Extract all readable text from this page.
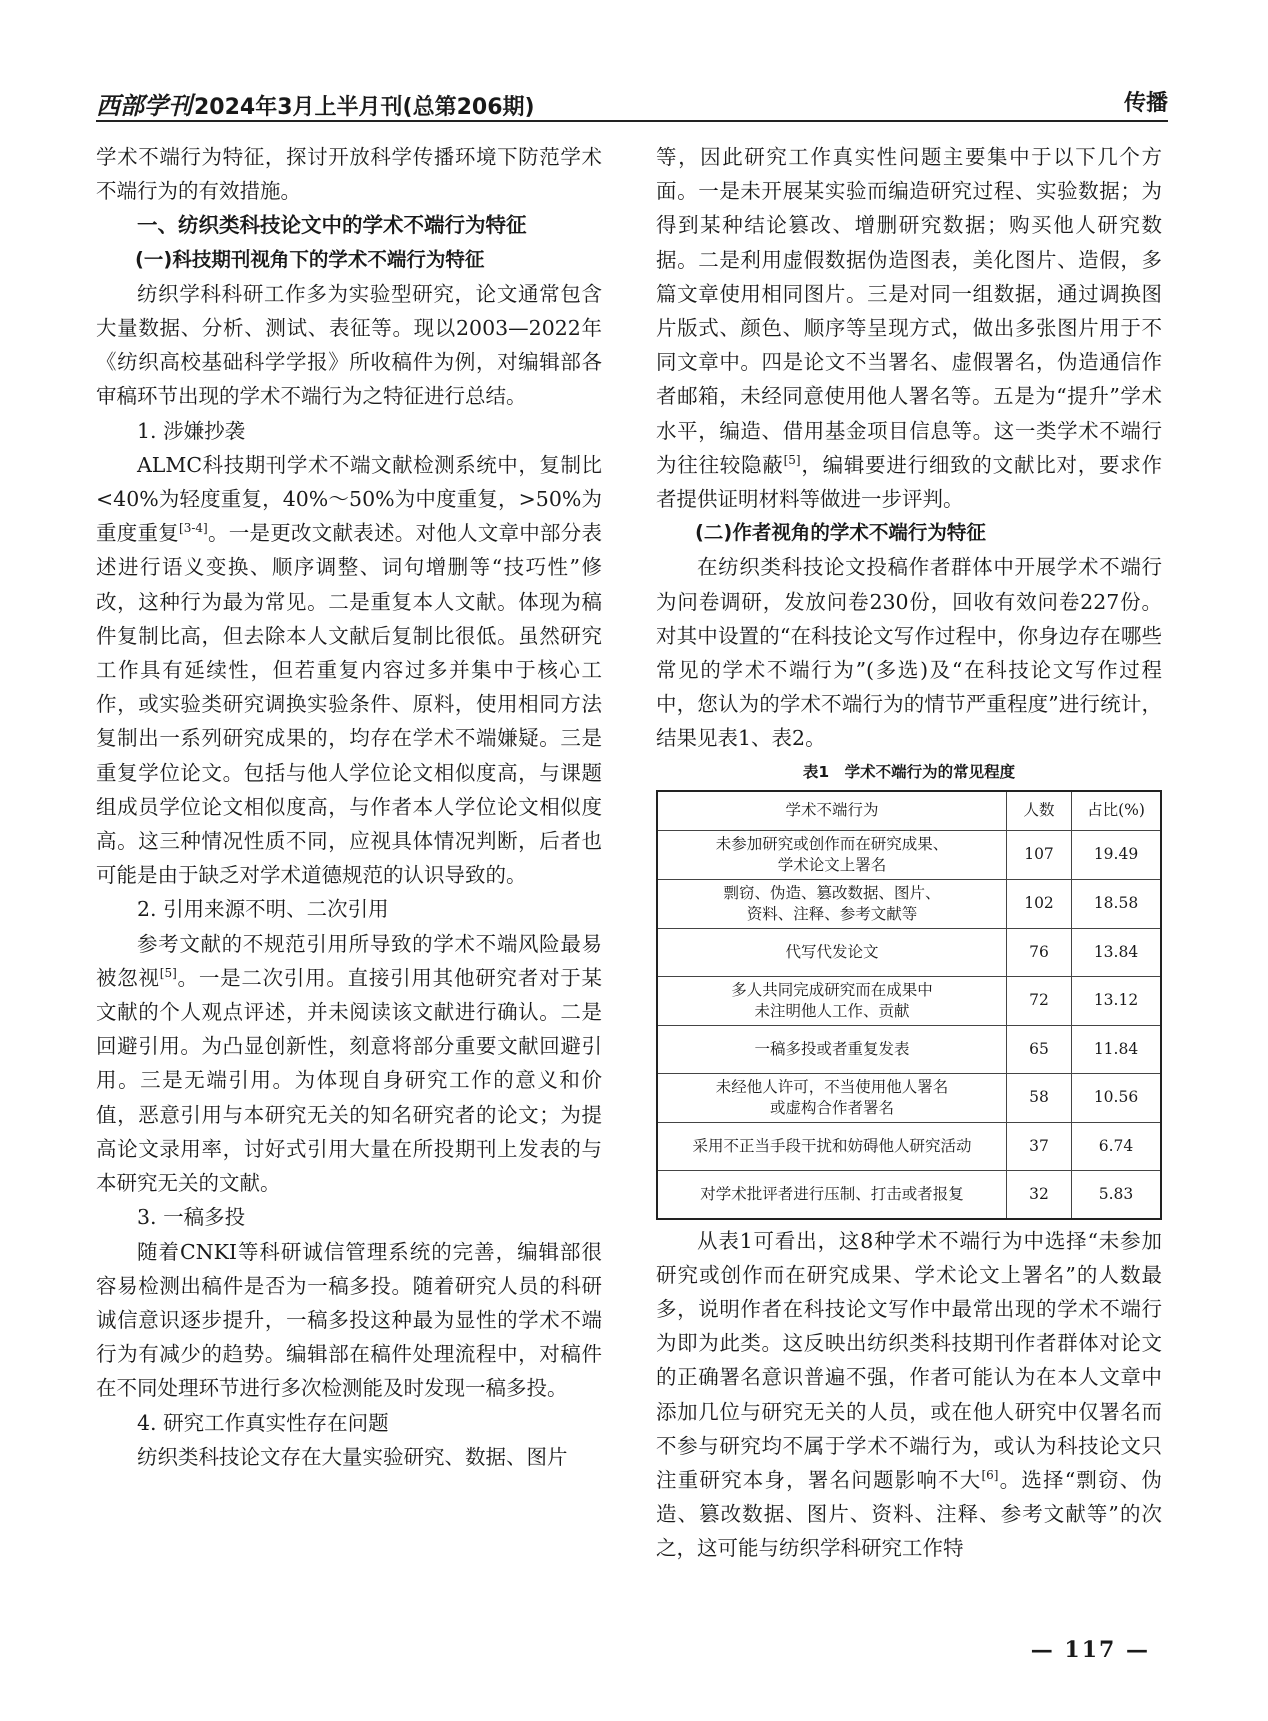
西部学刊2024年3月上半月刊(总第206期)	传播

学术不端行为特征，探讨开放科学传播环境下防范学术不端行为的有效措施。

一、纺织类科技论文中的学术不端行为特征
(一)科技期刊视角下的学术不端行为特征

纺织学科科研工作多为实验型研究，论文通常包含大量数据、分析、测试、表征等。现以2003—2022年《纺织高校基础科学学报》所收稿件为例，对编辑部各审稿环节出现的学术不端行为之特征进行总结。

1. 涉嫌抄袭

ALMC科技期刊学术不端文献检测系统中，复制比<40%为轻度重复，40%～50%为中度重复，>50%为重度重复[3-4]。一是更改文献表述。对他人文章中部分表述进行语义变换、顺序调整、词句增删等“技巧性”修改，这种行为最为常见。二是重复本人文献。体现为稿件复制比高，但去除本人文献后复制比很低。虽然研究工作具有延续性，但若重复内容过多并集中于核心工作，或实验类研究调换实验条件、原料，使用相同方法复制出一系列研究成果的，均存在学术不端嫌疑。三是重复学位论文。包括与他人学位论文相似度高，与课题组成员学位论文相似度高，与作者本人学位论文相似度高。这三种情况性质不同，应视具体情况判断，后者也可能是由于缺乏对学术道德规范的认识导致的。

2. 引用来源不明、二次引用

参考文献的不规范引用所导致的学术不端风险最易被忽视[5]。一是二次引用。直接引用其他研究者对于某文献的个人观点评述，并未阅读该文献进行确认。二是回避引用。为凸显创新性，刻意将部分重要文献回避引用。三是无端引用。为体现自身研究工作的意义和价值，恶意引用与本研究无关的知名研究者的论文；为提高论文录用率，讨好式引用大量在所投期刊上发表的与本研究无关的文献。

3. 一稿多投

随着CNKI等科研诚信管理系统的完善，编辑部很容易检测出稿件是否为一稿多投。随着研究人员的科研诚信意识逐步提升，一稿多投这种最为显性的学术不端行为有减少的趋势。编辑部在稿件处理流程中，对稿件在不同处理环节进行多次检测能及时发现一稿多投。

4. 研究工作真实性存在问题

纺织类科技论文存在大量实验研究、数据、图片

等，因此研究工作真实性问题主要集中于以下几个方面。一是未开展某实验而编造研究过程、实验数据；为得到某种结论篡改、增删研究数据；购买他人研究数据。二是利用虚假数据伪造图表，美化图片、造假，多篇文章使用相同图片。三是对同一组数据，通过调换图片版式、颜色、顺序等呈现方式，做出多张图片用于不同文章中。四是论文不当署名、虚假署名，伪造通信作者邮箱，未经同意使用他人署名等。五是为“提升”学术水平，编造、借用基金项目信息等。这一类学术不端行为往往较隐蔽[5]，编辑要进行细致的文献比对，要求作者提供证明材料等做进一步评判。

(二)作者视角的学术不端行为特征

在纺织类科技论文投稿作者群体中开展学术不端行为问卷调研，发放问卷230份，回收有效问卷227份。对其中设置的“在科技论文写作过程中，你身边存在哪些常见的学术不端行为”(多选)及“在科技论文写作过程中，您认为的学术不端行为的情节严重程度”进行统计，结果见表1、表2。

表1　学术不端行为的常见程度
学术不端行为	人数	占比(%)

未参加研究或创作而在研究成果、
学术论文上署名	107	19.49

剽窃、伪造、篡改数据、图片、
资料、注释、参考文献等	102	18.58

代写代发论文	76	13.84

多人共同完成研究而在成果中
未注明他人工作、贡献	72	13.12

一稿多投或者重复发表	65	11.84

未经他人许可，不当使用他人署名
或虚构合作者署名	58	10.56

采用不正当手段干扰和妨碍他人研究活动	37	6.74

对学术批评者进行压制、打击或者报复	32	5.83

从表1可看出，这8种学术不端行为中选择“未参加研究或创作而在研究成果、学术论文上署名”的人数最多，说明作者在科技论文写作中最常出现的学术不端行为即为此类。这反映出纺织类科技期刊作者群体对论文的正确署名意识普遍不强，作者可能认为在本人文章中添加几位与研究无关的人员，或在他人研究中仅署名而不参与研究均不属于学术不端行为，或认为科技论文只注重研究本身，署名问题影响不大[6]。选择“剽窃、伪造、篡改数据、图片、资料、注释、参考文献等”的次之，这可能与纺织学科研究工作特

— 117 —
